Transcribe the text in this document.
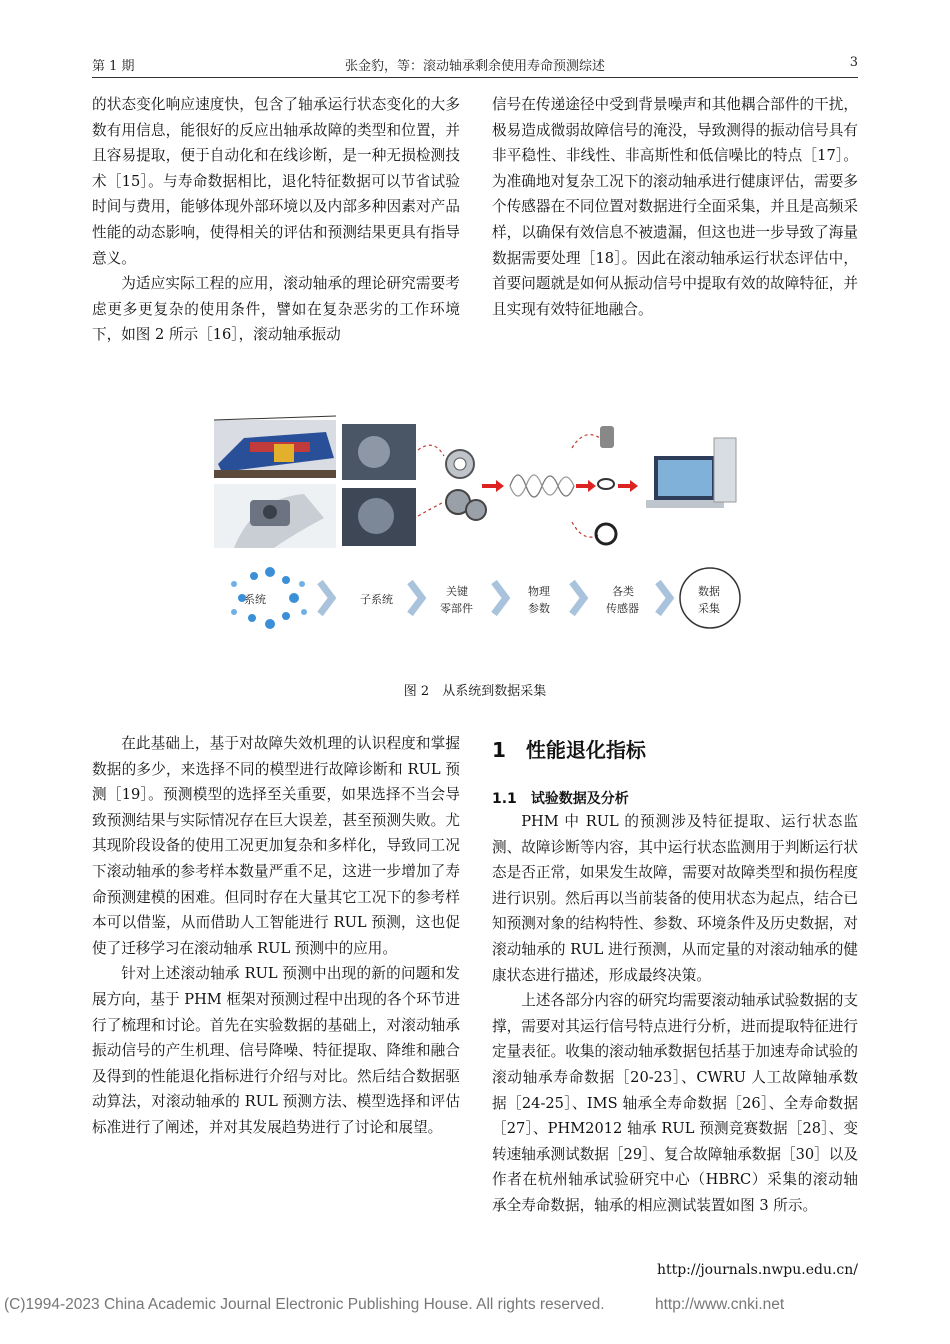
第 1 期	张金豹，等：滚动轴承剩余使用寿命预测综述	3

的状态变化响应速度快，包含了轴承运行状态变化的大多数有用信息，能很好的反应出轴承故障的类型和位置，并且容易提取，便于自动化和在线诊断，是一种无损检测技术［15］。与寿命数据相比，退化特征数据可以节省试验时间与费用，能够体现外部环境以及内部多种因素对产品性能的动态影响，使得相关的评估和预测结果更具有指导意义。

为适应实际工程的应用，滚动轴承的理论研究需要考虑更多更复杂的使用条件，譬如在复杂恶劣的工作环境下，如图 2 所示［16］，滚动轴承振动

信号在传递途径中受到背景噪声和其他耦合部件的干扰，极易造成微弱故障信号的淹没，导致测得的振动信号具有非平稳性、非线性、非高斯性和低信噪比的特点［17］。为准确地对复杂工况下的滚动轴承进行健康评估，需要多个传感器在不同位置对数据进行全面采集，并且是高频采样，以确保有效信息不被遗漏，但这也进一步导致了海量数据需要处理［18］。因此在滚动轴承运行状态评估中，首要问题就是如何从振动信号中提取有效的故障特征，并且实现有效特征地融合。

系统	子系统
关键
零部件
物理
参数
各类
传感器
数据
采集
图 2　从系统到数据采集

在此基础上，基于对故障失效机理的认识程度和掌握数据的多少，来选择不同的模型进行故障诊断和 RUL 预测［19］。预测模型的选择至关重要，如果选择不当会导致预测结果与实际情况存在巨大误差，甚至预测失败。尤其现阶段设备的使用工况更加复杂和多样化，导致同工况下滚动轴承的参考样本数量严重不足，这进一步增加了寿命预测建模的困难。但同时存在大量其它工况下的参考样本可以借鉴，从而借助人工智能进行 RUL 预测，这也促使了迁移学习在滚动轴承 RUL 预测中的应用。

针对上述滚动轴承 RUL 预测中出现的新的问题和发展方向，基于 PHM 框架对预测过程中出现的各个环节进行了梳理和讨论。首先在实验数据的基础上，对滚动轴承振动信号的产生机理、信号降噪、特征提取、降维和融合及得到的性能退化指标进行介绍与对比。然后结合数据驱动算法，对滚动轴承的 RUL 预测方法、模型选择和评估标准进行了阐述，并对其发展趋势进行了讨论和展望。

1 性能退化指标
1.1 试验数据及分析

PHM 中 RUL 的预测涉及特征提取、运行状态监测、故障诊断等内容，其中运行状态监测用于判断运行状态是否正常，如果发生故障，需要对故障类型和损伤程度进行识别。然后再以当前装备的使用状态为起点，结合已知预测对象的结构特性、参数、环境条件及历史数据，对滚动轴承的 RUL 进行预测，从而定量的对滚动轴承的健康状态进行描述，形成最终决策。

上述各部分内容的研究均需要滚动轴承试验数据的支撑，需要对其运行信号特点进行分析，进而提取特征进行定量表征。收集的滚动轴承数据包括基于加速寿命试验的滚动轴承寿命数据［20-23］、CWRU 人工故障轴承数据［24-25］、IMS 轴承全寿命数据［26］、全寿命数据［27］、PHM2012 轴承 RUL 预测竞赛数据［28］、变转速轴承测试数据［29］、复合故障轴承数据［30］以及作者在杭州轴承试验研究中心（HBRC）采集的滚动轴承全寿命数据，轴承的相应测试装置如图 3 所示。

http://journals.nwpu.edu.cn/
(C)1994-2023 China Academic Journal Electronic Publishing House. All rights reserved.	http://www.cnki.net
